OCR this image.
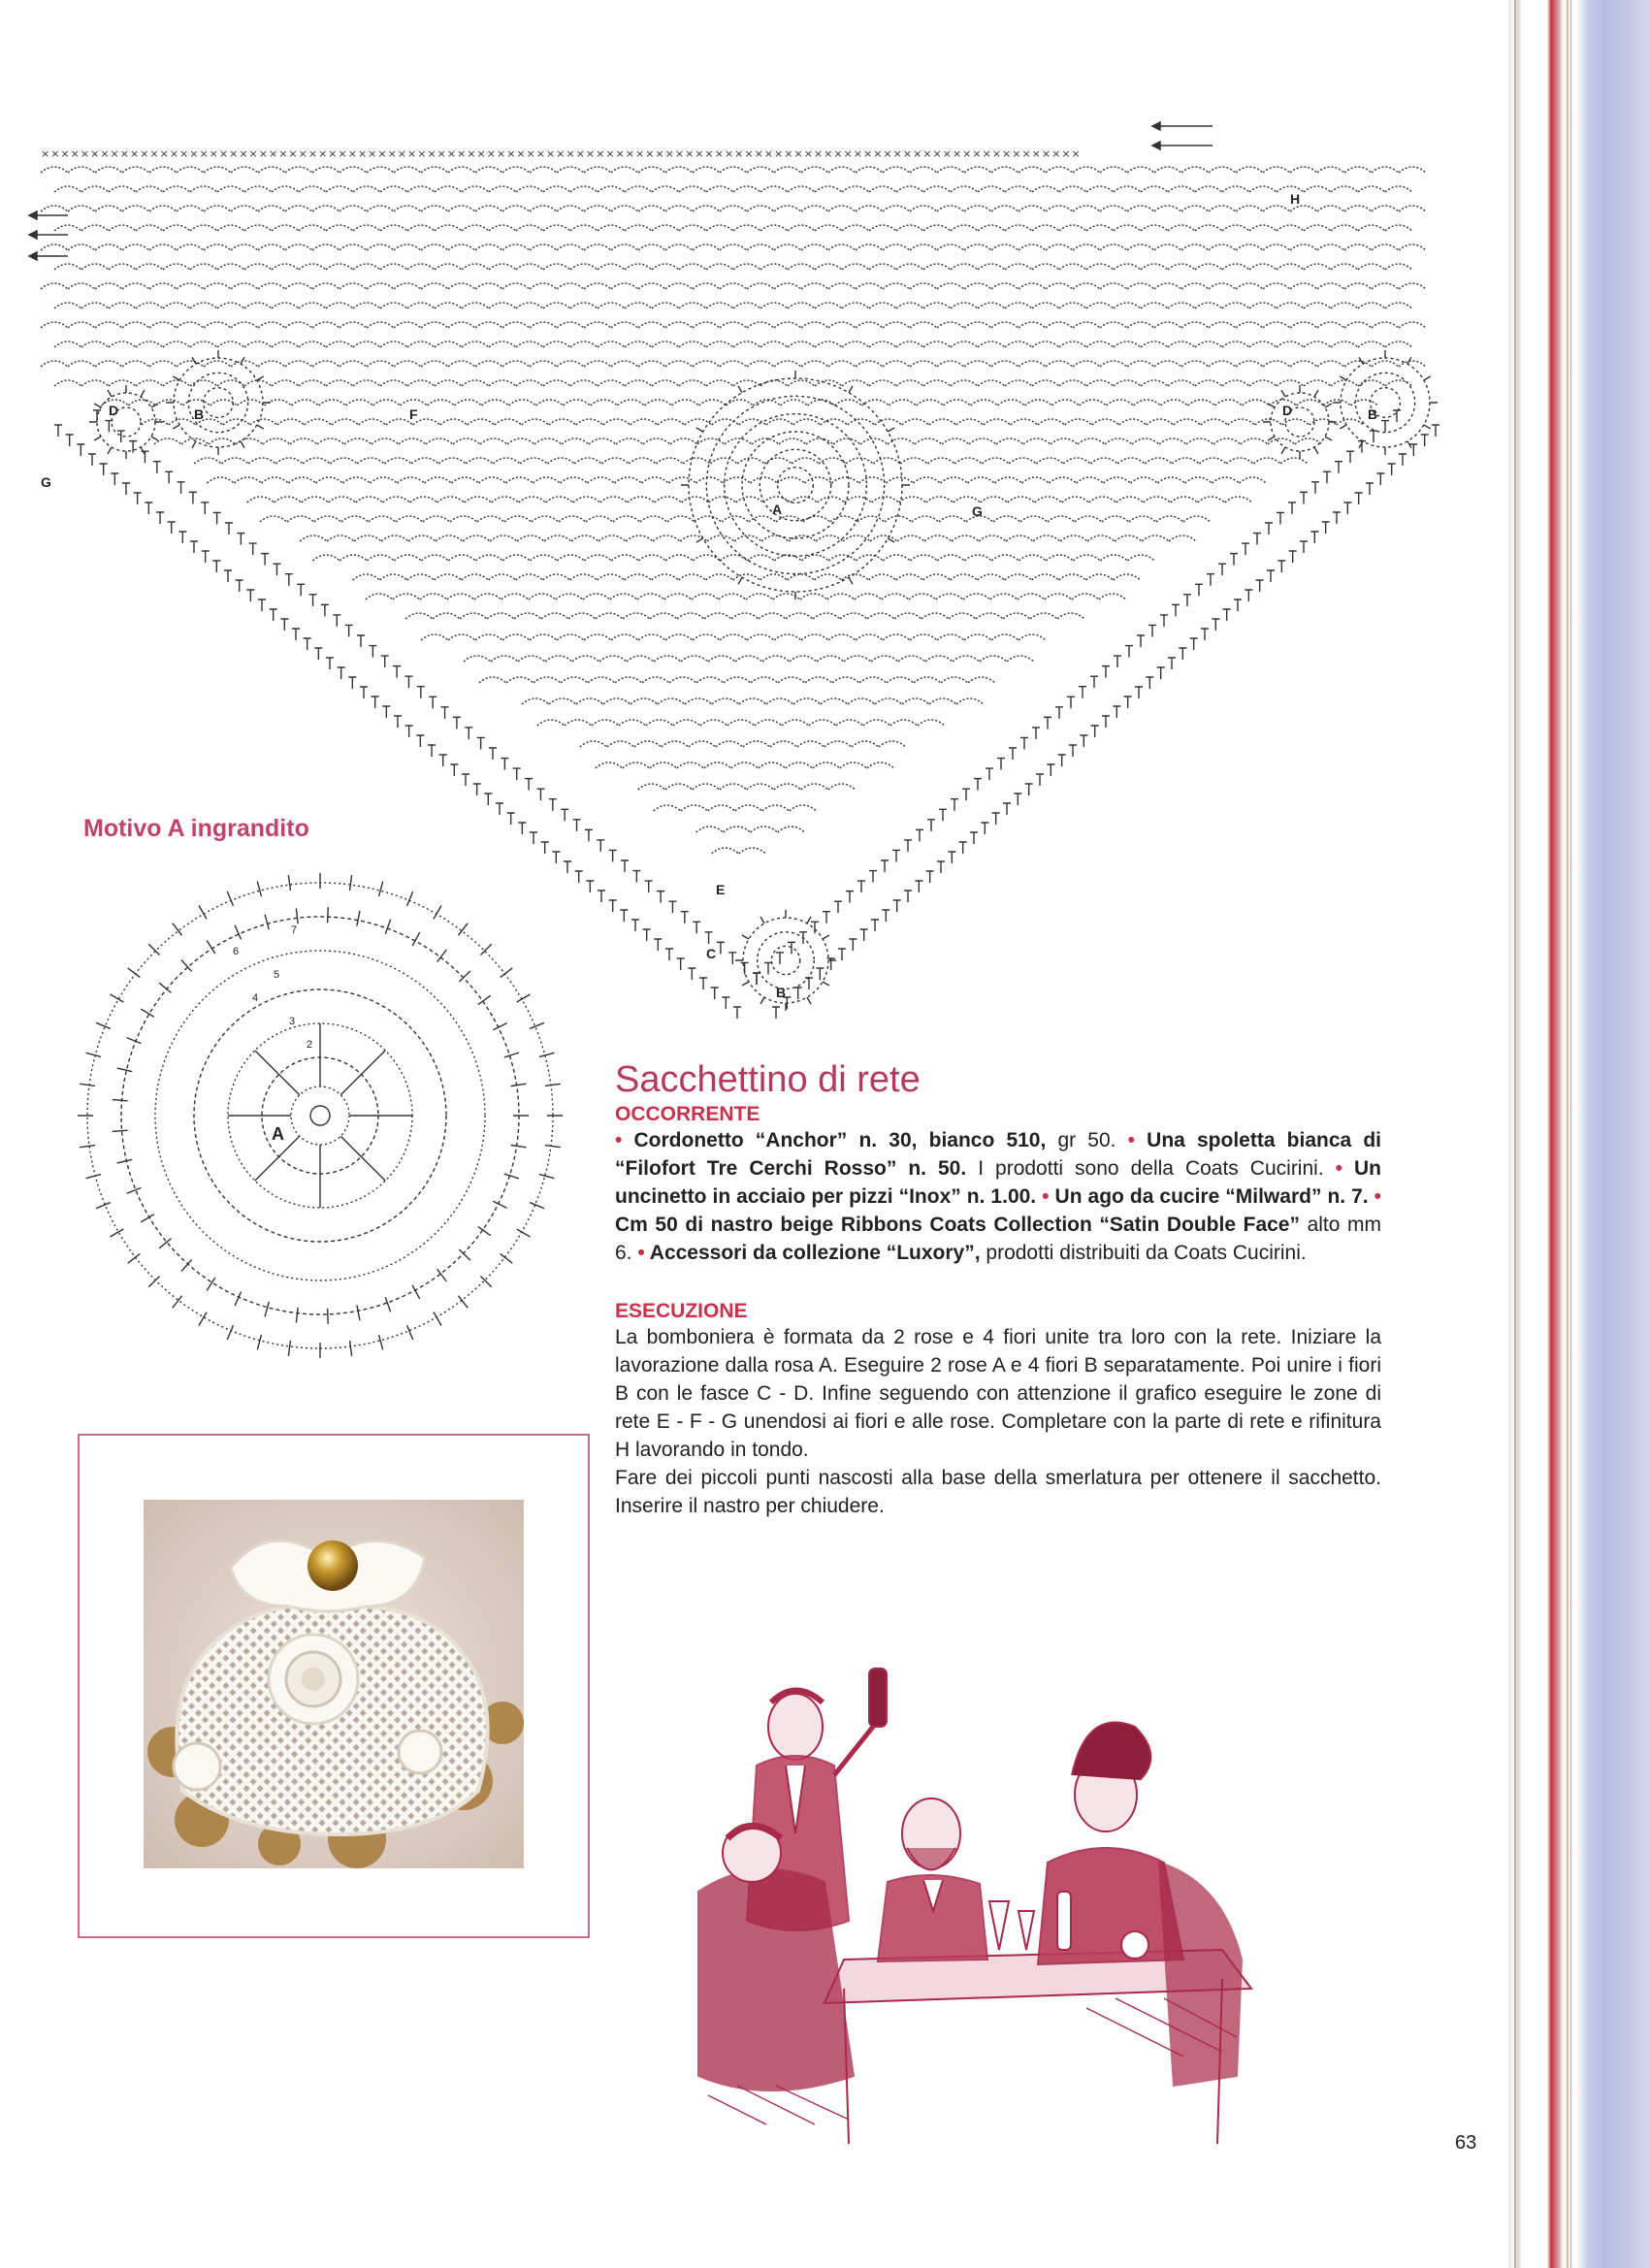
×××××××××××××××××××××××××××××××××××××××××××××××××××××××××××××××××××××××××××××××××××××××××××××××××××××××××
G
A	G
F
D	B	D	B
H
E
C
B
Motivo A ingrandito
A
2
3
4
5
6
7
Sacchettino di rete
OCCORRENTE

• Cordonetto “Anchor” n. 30, bianco 510, gr 50. • Una spoletta bianca di “Filofort Tre Cerchi Rosso” n. 50. I prodotti sono della Coats Cucirini. • Un uncinetto in acciaio per pizzi “Inox” n. 1.00. • Un ago da cucire “Milward” n. 7. • Cm 50 di nastro beige Ribbons Coats Collection “Satin Double Face” alto mm 6. • Accessori da collezione “Luxory”, prodotti distribuiti da Coats Cucirini.

ESECUZIONE

La bomboniera è formata da 2 rose e 4 fiori unite tra loro con la rete. Iniziare la lavorazione dalla rosa A. Eseguire 2 rose A e 4 fiori B separatamente. Poi unire i fiori B con le fasce C - D. Infine seguendo con attenzione il grafico eseguire le zone di rete E - F - G unendosi ai fiori e alle rose. Completare con la parte di rete e rifinitura H lavorando in tondo.

Fare dei piccoli punti nascosti alla base della smerlatura per ottenere il sacchetto. Inserire il nastro per chiudere.

63
